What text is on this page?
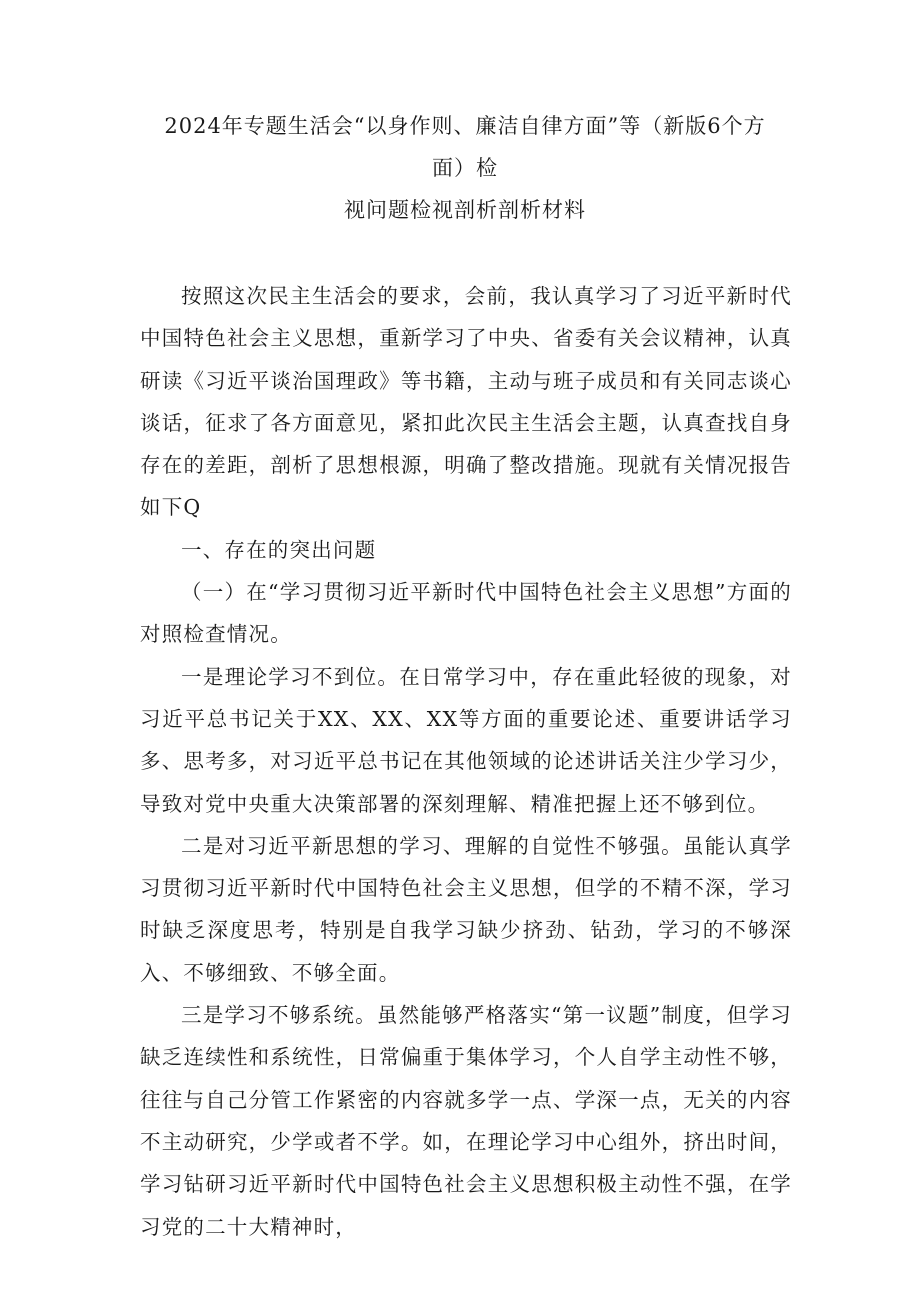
2024年专题生活会“以身作则、廉洁自律方面”等（新版6个方
面）检
视问题检视剖析剖析材料

按照这次民主生活会的要求，会前，我认真学习了习近平新时代中国特色社会主义思想，重新学习了中央、省委有关会议精神，认真研读《习近平谈治国理政》等书籍，主动与班子成员和有关同志谈心谈话，征求了各方面意见，紧扣此次民主生活会主题，认真查找自身存在的差距，剖析了思想根源，明确了整改措施。现就有关情况报告如下Q

一、存在的突出问题

（一）在“学习贯彻习近平新时代中国特色社会主义思想”方面的对照检查情况。

一是理论学习不到位。在日常学习中，存在重此轻彼的现象，对习近平总书记关于XX、XX、XX等方面的重要论述、重要讲话学习多、思考多，对习近平总书记在其他领域的论述讲话关注少学习少，导致对党中央重大决策部署的深刻理解、精准把握上还不够到位。

二是对习近平新思想的学习、理解的自觉性不够强。虽能认真学习贯彻习近平新时代中国特色社会主义思想，但学的不精不深，学习时缺乏深度思考，特别是自我学习缺少挤劲、钻劲，学习的不够深入、不够细致、不够全面。

三是学习不够系统。虽然能够严格落实“第一议题”制度，但学习缺乏连续性和系统性，日常偏重于集体学习，个人自学主动性不够，往往与自己分管工作紧密的内容就多学一点、学深一点，无关的内容不主动研究，少学或者不学。如，在理论学习中心组外，挤出时间，学习钻研习近平新时代中国特色社会主义思想积极主动性不强，在学习党的二十大精神时，
